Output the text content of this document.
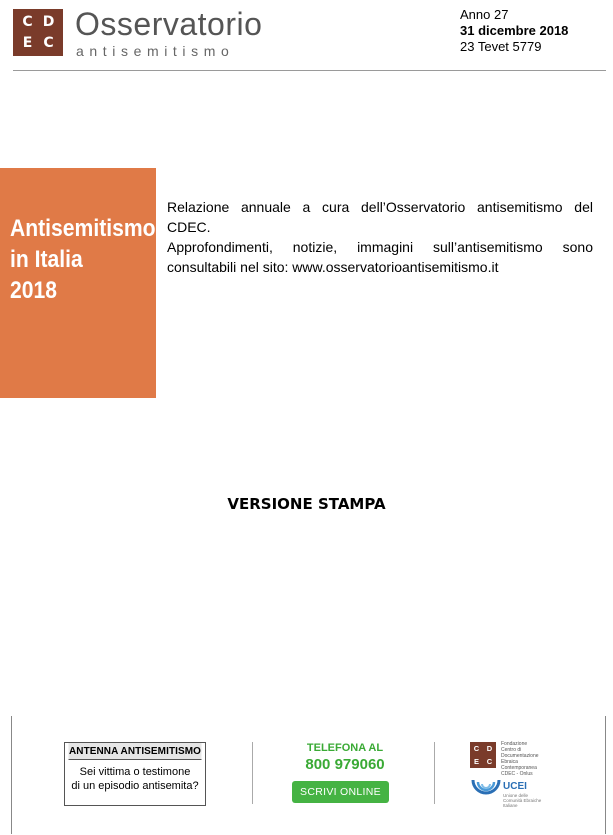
C D
E C
Osservatorio
antisemitismo
Anno 27
31 dicembre 2018
23 Tevet 5779
Antisemitismo
in Italia
2018

Relazione annuale a cura dell’Osservatorio antisemitismo del CDEC.

Approfondimenti, notizie, immagini sull’antisemitismo sono consultabili nel sito: www.osservatorioantisemitismo.it

VERSIONE STAMPA
ANTENNA ANTISEMITISMO
Sei vittima o testimone
di un episodio antisemita?
TELEFONA AL
800 979060
SCRIVI ONLINE
C D
E C
Fondazione
Centro di
Documentazione
Ebraica
Contemporanea
CDEC - Onlus
UCEI
Unione delle
Comunità Ebraiche
Italiane
